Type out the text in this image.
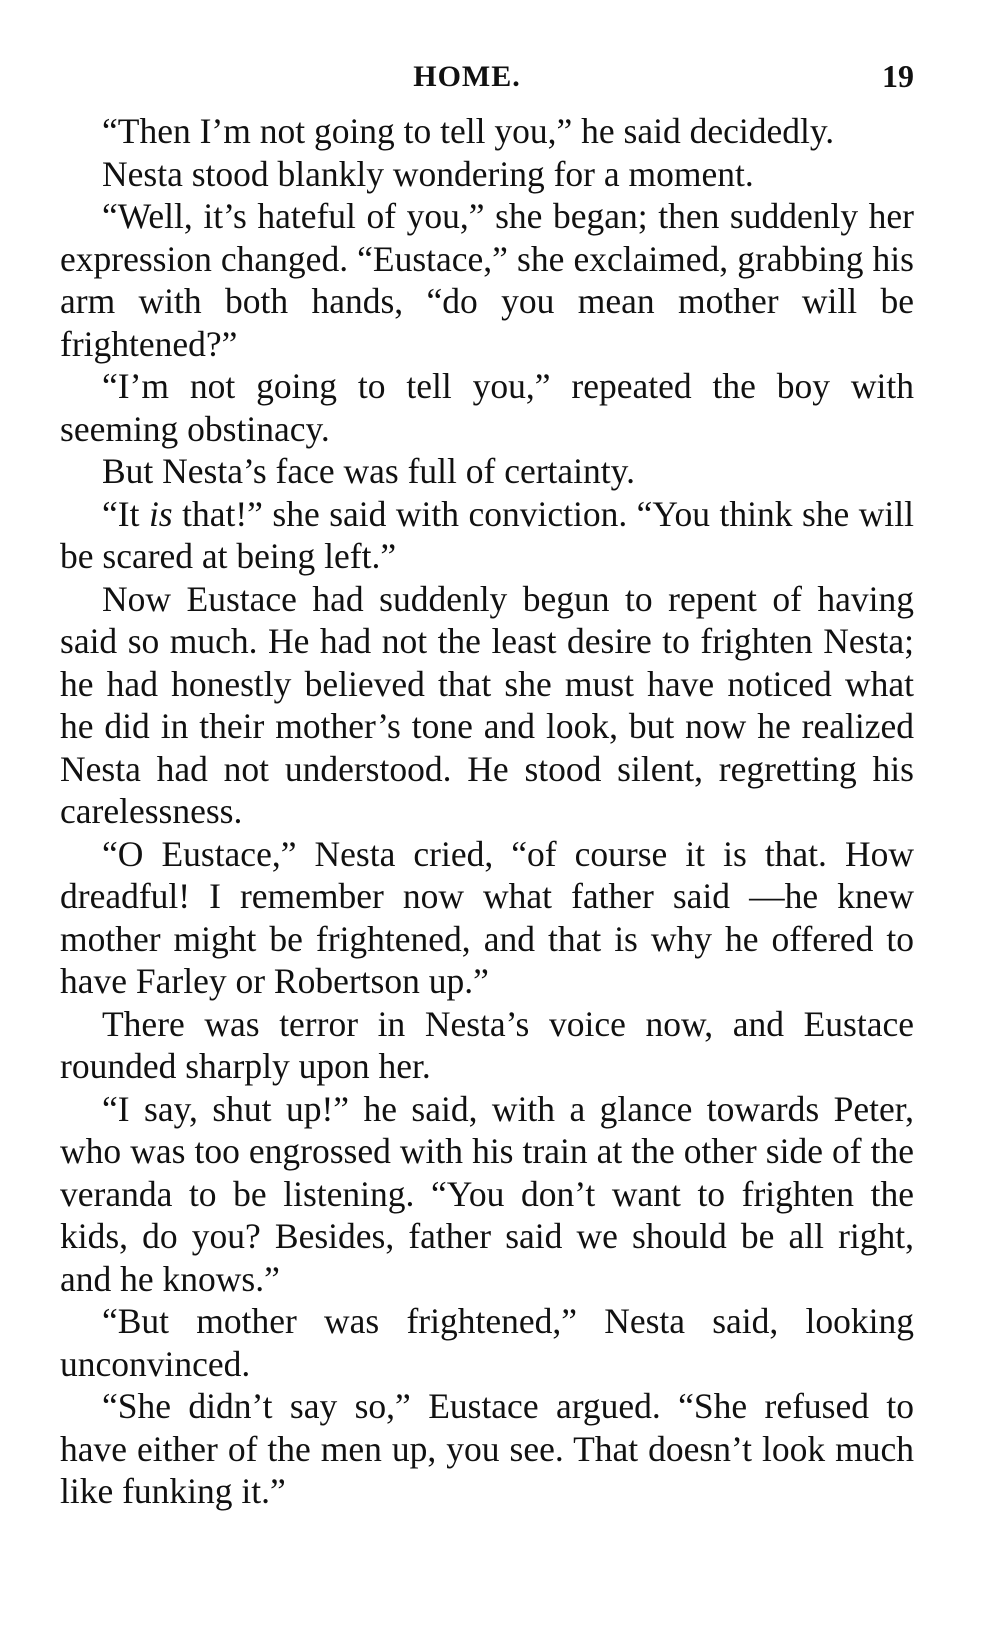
HOME.	19

“Then I’m not going to tell you,” he said decidedly.

Nesta stood blankly wondering for a moment.

“Well, it’s hateful of you,” she began; then suddenly her expression changed. “Eustace,” she exclaimed, grabbing his arm with both hands, “do you mean mother will be frightened?”

“I’m not going to tell you,” repeated the boy with seeming obstinacy.

But Nesta’s face was full of certainty.

“It is that!” she said with conviction. “You think she will be scared at being left.”

Now Eustace had suddenly begun to repent of having said so much. He had not the least desire to frighten Nesta; he had honestly believed that she must have noticed what he did in their mother’s tone and look, but now he realized Nesta had not understood. He stood silent, regretting his carelessness.

“O Eustace,” Nesta cried, “of course it is that. How dreadful! I remember now what father said —he knew mother might be frightened, and that is why he offered to have Farley or Robertson up.”

There was terror in Nesta’s voice now, and Eustace rounded sharply upon her.

“I say, shut up!” he said, with a glance towards Peter, who was too engrossed with his train at the other side of the veranda to be listening. “You don’t want to frighten the kids, do you? Besides, father said we should be all right, and he knows.”

“But mother was frightened,” Nesta said, looking unconvinced.

“She didn’t say so,” Eustace argued. “She refused to have either of the men up, you see. That doesn’t look much like funking it.”
